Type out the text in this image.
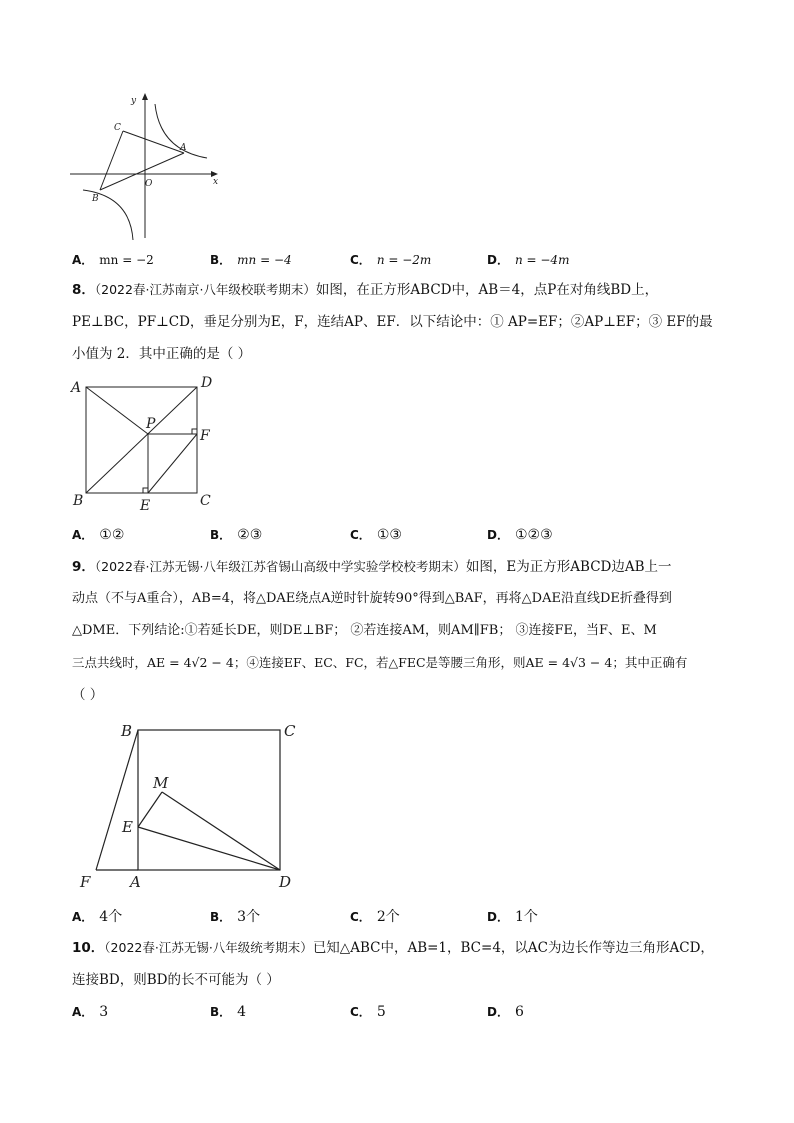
y
x
C
A
O
B
A． mn = −2	B． mn = −4	C． n = −2m	D． n = −4m
8．（2022春·江苏南京·八年级校联考期末）如图，在正方形ABCD中，AB＝4，点P在对角线BD上，
PE⊥BC，PF⊥CD，垂足分别为E，F，连结AP、EF．以下结论中：① AP=EF；②AP⊥EF；③ EF的最
小值为 2．其中正确的是（ ）
A	D
P
F
B	E	C
A． ①②	B． ②③	C． ①③	D． ①②③
9．（2022春·江苏无锡·八年级江苏省锡山高级中学实验学校校考期末）如图，E为正方形ABCD边AB上一
动点（不与A重合），AB=4，将△DAE绕点A逆时针旋转90°得到△BAF，再将△DAE沿直线DE折叠得到
△DME．下列结论:①若延长DE，则DE⊥BF； ②若连接AM，则AM∥FB； ③连接FE，当F、E、M
三点共线时，AE = 4√2 − 4；④连接EF、EC、FC，若△FEC是等腰三角形，则AE = 4√3 − 4；其中正确有
（ ）
B	C
M
E
F	A	D
A． 4个	B． 3个	C． 2个	D． 1个
10．（2022春·江苏无锡·八年级统考期末）已知△ABC中，AB=1，BC=4，以AC为边长作等边三角形ACD，
连接BD，则BD的长不可能为（ ）
A． 3	B． 4	C． 5	D． 6
